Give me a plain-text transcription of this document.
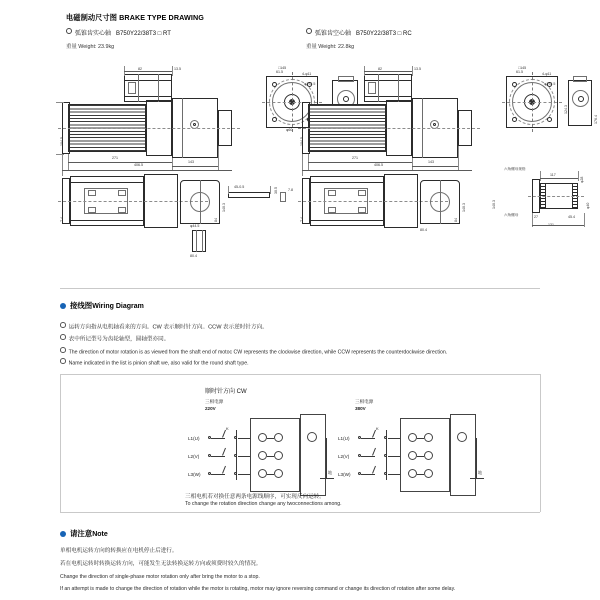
电磁制动尺寸图 BRAKE TYPE DRAWING
弧锥齿实心轴 B750Y22/38T3 □ RT
重量 Weight: 23.9kg
弧锥齿空心轴 B750Y22/38T3 □ RC
重量 Weight: 22.8kg
82	13.5
271
143
406.5
104.5
□145
4-φ11
φ172.5
φ60
61.5
7.4
140.3
84
φ44.5
80.4
45-0.5	30.5	7.8
82	13.5
271
143
406.5
104.5
□145
4-φ11
φ172.5
61.5
176.4
124.3
7.4
140.3
84
80.4
六角螺母规格
六角螺母
117
27	45.4
φ40
φ28
140.3
接线图Wiring Diagram
运转方向指从电机轴看来的方向。CW 表示顺时针方向。CCW 表示逆时针方向。
表中所记型号为齿轮轴型，圆轴型亦同。
The direction of motor rotation is as viewed from the shaft end of motoc CW represents the clockwise direction, while CCW represents the counterdockwise direction.
Name indicated in the list is pinion shaft we, also valid for the round shaft type.
顺时针方向 CW
三相电源
220V
三相电源
380V
L1(U)
L2(V)
L3(W)
K
地
L1(U)
L2(V)
L3(W)
K
地
三相电机若对换任意两条电源线顺序，可实现反向运转。
To change the rotation direction change any twoconnections among.
请注意Note
单相电机运转方向的转换应在电机停止后进行。
若在电机运转时转换运转方向，可能发生无法转换运转方向或须费时较久的情况。
Change the direction of single-phase motor rotation only after bring the motor to a stop.
If an attempt is made to change the direction of rotation while the motor is rotating, motor may ignore reversing command or change its direction of rotation after some delay.
